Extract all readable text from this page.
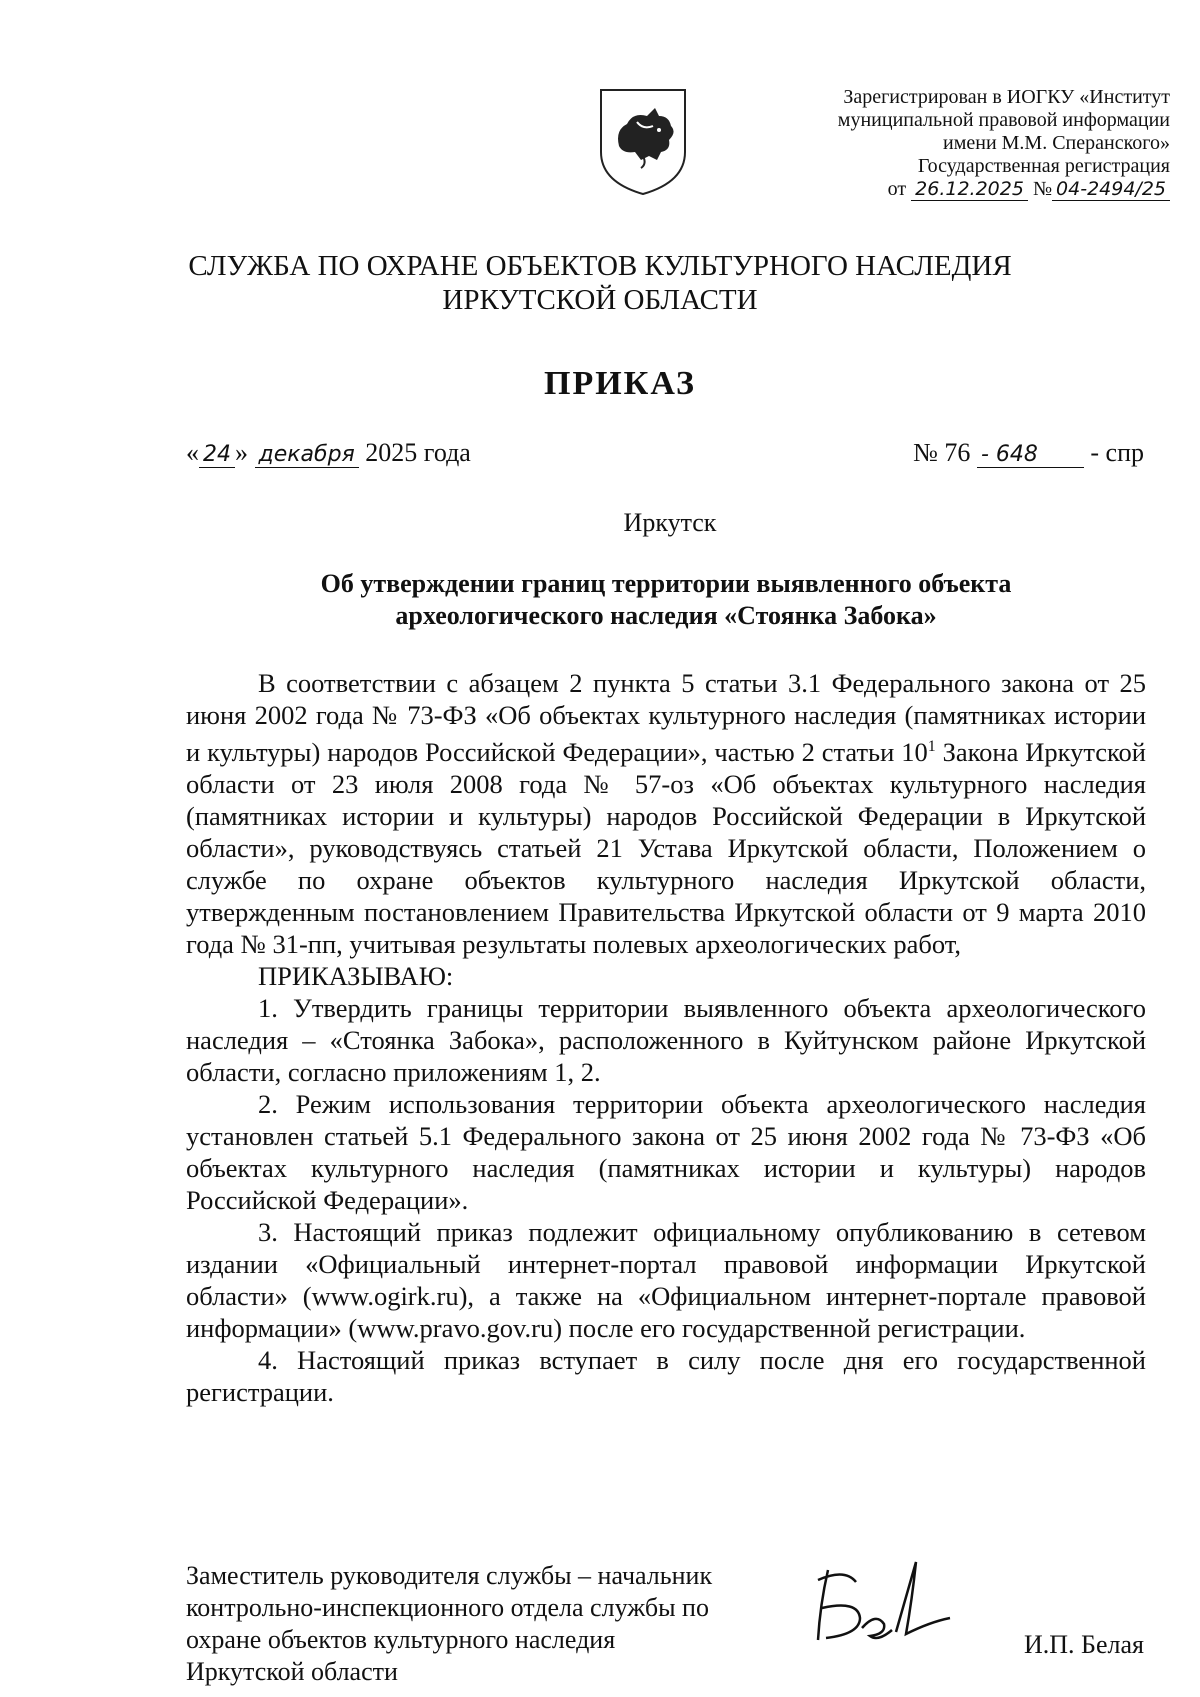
Зарегистрирован в ИОГКУ «Институт
муниципальной правовой информации
имени М.М. Сперанского»
Государственная регистрация
от 26.12.2025 № 04-2494/25
СЛУЖБА ПО ОХРАНЕ ОБЪЕКТОВ КУЛЬТУРНОГО НАСЛЕДИЯ
ИРКУТСКОЙ ОБЛАСТИ
ПРИКАЗ
« 24 » декабря 2025 года	№ 76 - 648 - спр
Иркутск
Об утверждении границ территории выявленного объекта
археологического наследия «Стоянка Забока»

В соответствии с абзацем 2 пункта 5 статьи 3.1 Федерального закона от 25 июня 2002 года № 73-ФЗ «Об объектах культурного наследия (памятниках истории и культуры) народов Российской Федерации», частью 2 статьи $10^1$ Закона Иркутской области от 23 июля 2008 года № 57-оз «Об объектах культурного наследия (памятниках истории и культуры) народов Российской Федерации в Иркутской области», руководствуясь статьей 21 Устава Иркутской области, Положением о службе по охране объектов культурного наследия Иркутской области, утвержденным постановлением Правительства Иркутской области от 9 марта 2010 года № 31-пп, учитывая результаты полевых археологических работ,

ПРИКАЗЫВАЮ:

1. Утвердить границы территории выявленного объекта археологического наследия – «Стоянка Забока», расположенного в Куйтунском районе Иркутской области, согласно приложениям 1, 2.

2. Режим использования территории объекта археологического наследия установлен статьей 5.1 Федерального закона от 25 июня 2002 года № 73-ФЗ «Об объектах культурного наследия (памятниках истории и культуры) народов Российской Федерации».

3. Настоящий приказ подлежит официальному опубликованию в сетевом издании «Официальный интернет-портал правовой информации Иркутской области» (www.ogirk.ru), а также на «Официальном интернет-портале правовой информации» (www.pravo.gov.ru) после его государственной регистрации.

4. Настоящий приказ вступает в силу после дня его государственной регистрации.

Заместитель руководителя службы – начальник
контрольно-инспекционного отдела службы по
охране объектов культурного наследия
Иркутской области
И.П. Белая
